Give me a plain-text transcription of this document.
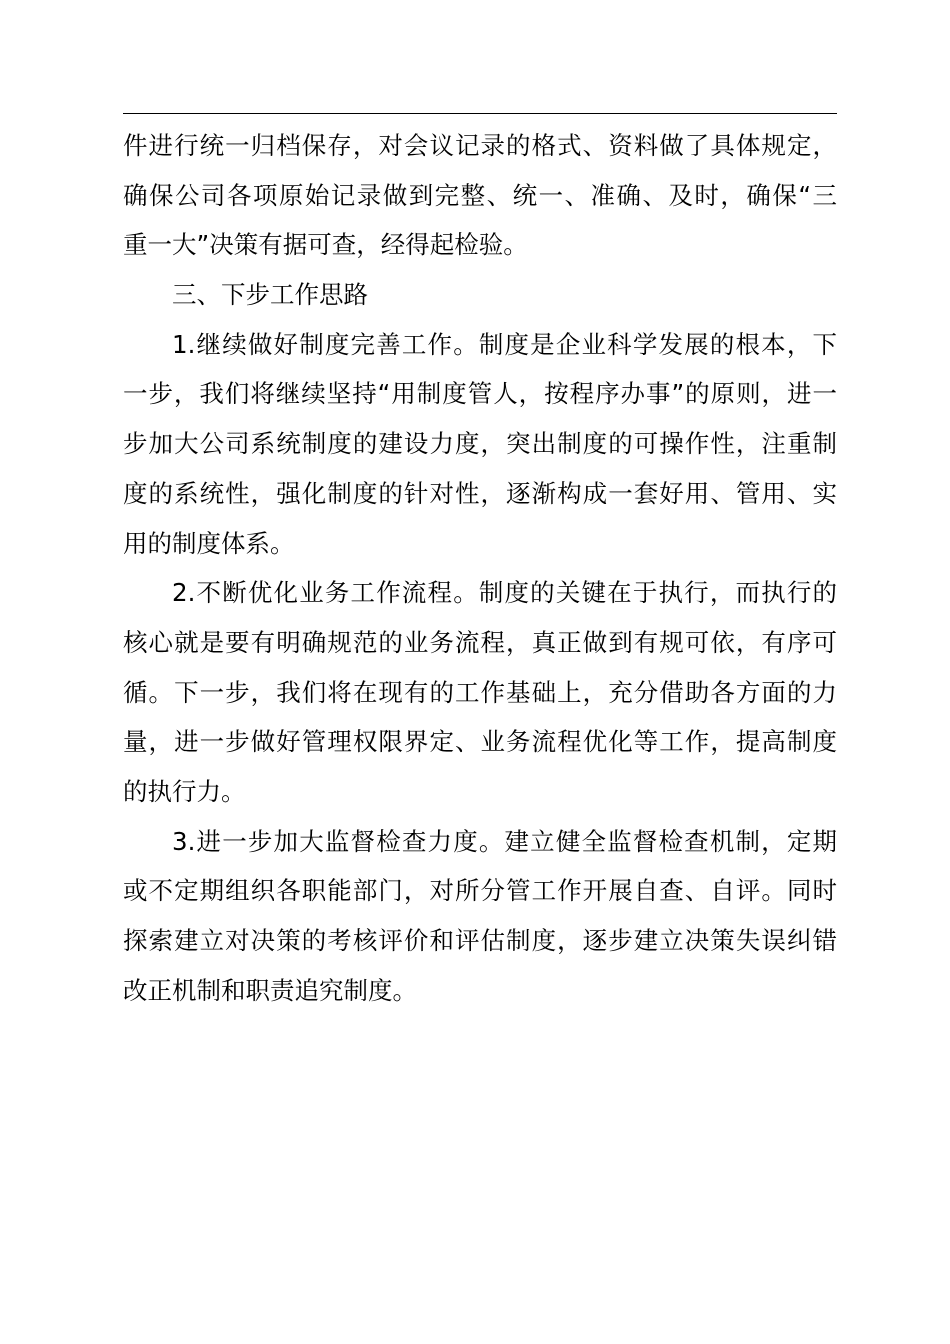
件进行统一归档保存，对会议记录的格式、资料做了具体规定，
确保公司各项原始记录做到完整、统一、准确、及时，确保“三
重一大”决策有据可查，经得起检验。
三、下步工作思路
1.继续做好制度完善工作。制度是企业科学发展的根本，下
一步，我们将继续坚持“用制度管人，按程序办事”的原则，进一
步加大公司系统制度的建设力度，突出制度的可操作性，注重制
度的系统性，强化制度的针对性，逐渐构成一套好用、管用、实
用的制度体系。
2.不断优化业务工作流程。制度的关键在于执行，而执行的
核心就是要有明确规范的业务流程，真正做到有规可依，有序可
循。下一步，我们将在现有的工作基础上，充分借助各方面的力
量，进一步做好管理权限界定、业务流程优化等工作，提高制度
的执行力。
3.进一步加大监督检查力度。建立健全监督检查机制，定期
或不定期组织各职能部门，对所分管工作开展自查、自评。同时
探索建立对决策的考核评价和评估制度，逐步建立决策失误纠错
改正机制和职责追究制度。
